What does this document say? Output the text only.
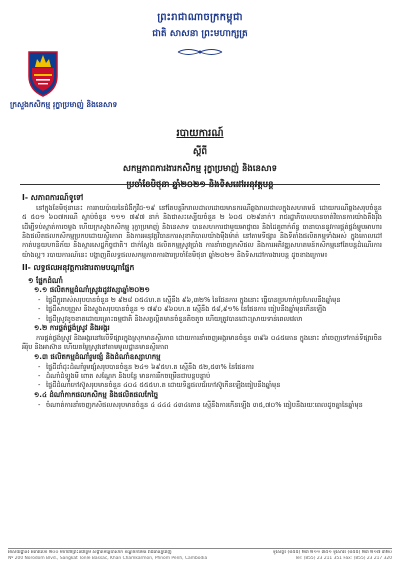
ព្រះរាជាណាចក្រកម្ពុជា
ជាតិ សាសនា ព្រះមហាក្សត្រ
ក្រសួងកសិកម្ម រុក្ខាប្រមាញ់ និងនេសាទ
របាយការណ៍
ស្តីពី
សកម្មភាពការងារកសិកម្ម រុក្ខាប្រមាញ់ និងនេសាទ
ប្រចាំខែមិថុនា ឆ្នាំ២០២១ និងទិសដៅអនុវត្តបន្ត
I- សភាពការណ៍ទូទៅ
នៅក្នុងខែមិថុនានេះ ការរាយប៉ាយនៃជំងឺកូវីដ-១៩ នៅតែបន្តរីករាលដាលដោយមានករណីឆ្លងរាលដាលក្នុងសហគមន៍ ដោយករណីឆ្លងសរុបចំនួន ៥ ៥០១ ៦០៧ករណី ស្លាប់ចំនួន ១១១ ៧៩៧ នាក់ និងជាសះស្បើយចំនួន ២ ៦០៥ ០២៩នាក់។ រាជរដ្ឋាភិបាលបានចាត់វិធានការយ៉ាងតឹងរ៉ឹងដើម្បីទប់ស្កាត់ការចម្លង ហើយក្រសួងកសិកម្ម រុក្ខាប្រមាញ់ និងនេសាទ បានសហការជាមួយអាជ្ញាធរ និងដៃគូពាក់ព័ន្ធ ធានាបាននូវការផ្គត់ផ្គង់ម្ហូបអាហារ និងផលិតផលកសិកម្មប្រកបដោយស្ថិរភាព និងការអនុវត្តវិធានការសុខាភិបាលយ៉ាងម៉ឺងម៉ាត់ នៅតាមទីផ្សារ និងទីតាំងផលិតកម្មទាំងអស់ ក្នុងគោលដៅកាត់បន្ថយហានិភ័យ និងស្តារសេដ្ឋកិច្ចជាតិ។ ជាក់ស្តែង ផលិតកម្មស្រូវប្រាំង ការនាំចេញកសិផល និងការអភិវឌ្ឍសហគមន៍កសិកម្មនៅតែបន្តដំណើរការយ៉ាងល្អ។ របាយការណ៍នេះ បង្ហាញពីលទ្ធផលសកម្មភាពការងារប្រចាំខែមិថុនា ឆ្នាំ២០២១ និងទិសដៅការងារបន្ត ដូចខាងក្រោម៖
II- លទ្ធផលអនុវត្តការងារតាមបណ្តាផ្នែក
១ ផ្នែកដំណាំ
១.១ ផលិតកម្មដំណាំស្រូវរដូវវស្សាឆ្នាំ២០២១
- ផ្ទៃដីភ្ជួររាស់សរុបបានចំនួន ២ ៩២៨ ០៥៤ហ.ត ស្មើនឹង ៩៦,៣២% នៃផែនការ ក្នុងនោះ ធ្វើបានប្រហាក់ប្រហែលនឹងឆ្នាំមុន
- ផ្ទៃដីសាបព្រួស និងស្ទូងសរុបបានចំនួន ១ ៧៩០ ៩៦០ហ.ត ស្មើនឹង ៥៨,៩១% នៃផែនការ ធៀបនឹងឆ្នាំមុនកើនឡើង
- ផ្ទៃដីស្រូវខូចខាតដោយគ្រោះធម្មជាតិ និងសត្វល្អិតមានចំនួនតិចតួច ហើយត្រូវបានដោះស្រាយទាន់ពេលវេលា
១.២ ការផ្គត់ផ្គង់ស្រូវ និងអង្ករ
ការផ្គត់ផ្គង់ស្រូវ និងអង្ករនៅលើទីផ្សារក្នុងស្រុកមានស្ថិរភាព ដោយការនាំចេញអង្ករមានចំនួន ៣៩៦ ០៤៥តោន ក្នុងនោះ នាំចេញទៅកាន់ទីផ្សារចិន អឺរ៉ុប និងអាស៊ាន ហើយតម្លៃស្រូវនៅតាមមូលដ្ឋានមានស្ថិរភាព
១.៣ ផលិតកម្មដំណាំរួមផ្សំ និងដំណាំឧស្សាហកម្ម
- ផ្ទៃដីដាំដុះដំណាំរួមផ្សំសរុបបានចំនួន ២៤១ ៦៩៥ហ.ត ស្មើនឹង ៥២,៥៣% នៃផែនការ
- ដំណាំដំឡូងមី ពោត សណ្តែក និងបន្លែ មានការរីកចម្រើនជាបន្តបន្ទាប់
- ផ្ទៃដីដំណាំកៅស៊ូសរុបមានចំនួន ៤០៤ ៥៥៥ហ.ត ដោយទិន្នផលជ័រកៅស៊ូកើនឡើងធៀបនឹងឆ្នាំមុន
១.៤ ដំណាំកាកផលកសិកម្ម និងផលិតផលកែច្នៃ
- ចំណាត់ការនាំចេញកសិផលសរុបមានចំនួន ៤ ៤៤៤ ៤៣៤តោន ស្មើនឹងការកើនឡើង ៣៥,៧០% ធៀបនឹងរយៈពេលដូចគ្នានៃឆ្នាំមុន
អាសយដ្ឋាន៖ អគារលេខ ២០០ មហាវិថីព្រះនរោត្តម សង្កាត់ទន្លេបាសាក់ ខណ្ឌចំការមន រាជធានីភ្នំពេញ	ទូរស័ព្ទ៖ (៨៥៥) ២៣ ២១១ ៣៥១ ទូរសារ៖ (៨៥៥) ២៣ ២១៧ ៣២០
Nº 200 Norodom Blvd., Sangkat Tonle Bassac, Khan Chamkarmon, Phnom Penh, Cambodia	Tel: (855) 23 211 351 Fax: (855) 23 217 320
